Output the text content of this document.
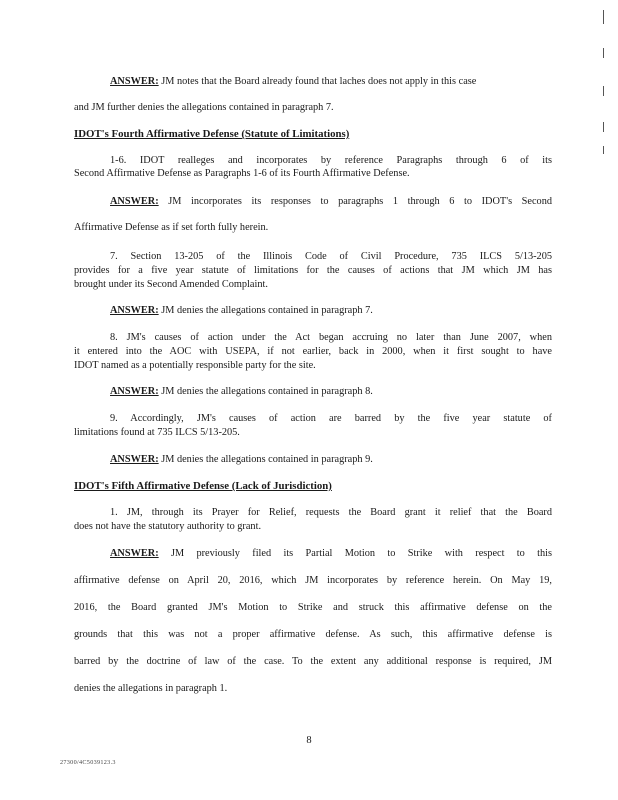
ANSWER: JM notes that the Board already found that laches does not apply in this case
and JM further denies the allegations contained in paragraph 7.
IDOT's Fourth Affirmative Defense (Statute of Limitations)
1-6. IDOT realleges and incorporates by reference Paragraphs through 6 of its
Second Affirmative Defense as Paragraphs 1-6 of its Fourth Affirmative Defense.
ANSWER: JM incorporates its responses to paragraphs 1 through 6 to IDOT's Second
Affirmative Defense as if set forth fully herein.
7. Section 13-205 of the Illinois Code of Civil Procedure, 735 ILCS 5/13-205
provides for a five year statute of limitations for the causes of actions that JM which JM has
brought under its Second Amended Complaint.
ANSWER: JM denies the allegations contained in paragraph 7.
8. JM's causes of action under the Act began accruing no later than June 2007, when
it entered into the AOC with USEPA, if not earlier, back in 2000, when it first sought to have
IDOT named as a potentially responsible party for the site.
ANSWER: JM denies the allegations contained in paragraph 8.
9. Accordingly, JM's causes of action are barred by the five year statute of
limitations found at 735 ILCS 5/13-205.
ANSWER: JM denies the allegations contained in paragraph 9.
IDOT's Fifth Affirmative Defense (Lack of Jurisdiction)
1. JM, through its Prayer for Relief, requests the Board grant it relief that the Board
does not have the statutory authority to grant.
ANSWER: JM previously filed its Partial Motion to Strike with respect to this
affirmative defense on April 20, 2016, which JM incorporates by reference herein. On May 19,
2016, the Board granted JM's Motion to Strike and struck this affirmative defense on the
grounds that this was not a proper affirmative defense. As such, this affirmative defense is
barred by the doctrine of law of the case. To the extent any additional response is required, JM
denies the allegations in paragraph 1.
8
27300/4C5039123.3
